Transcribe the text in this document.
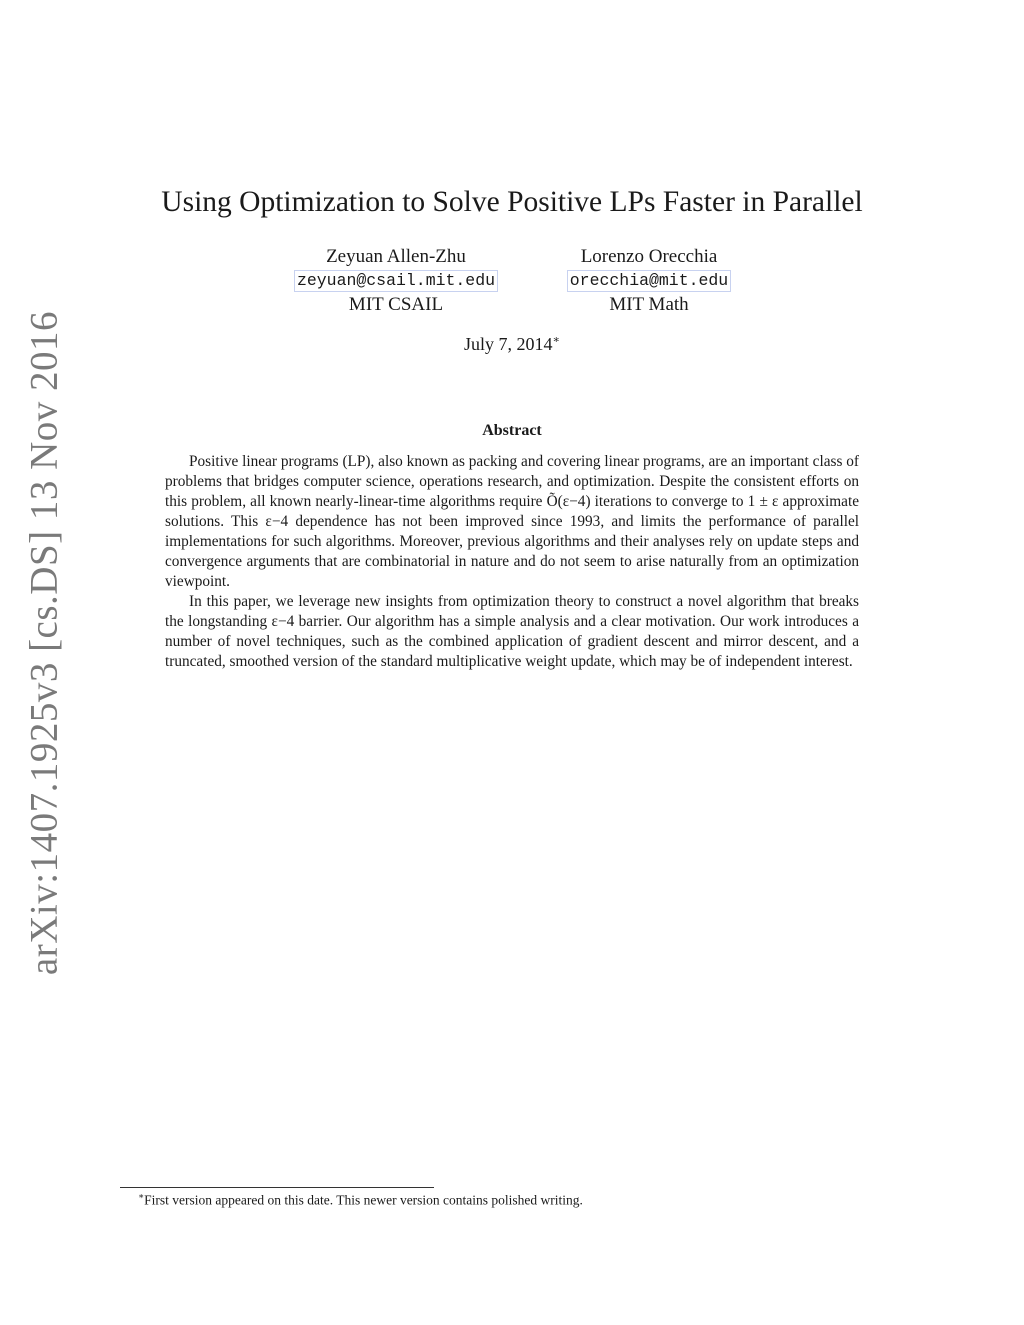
arXiv:1407.1925v3 [cs.DS] 13 Nov 2016
Using Optimization to Solve Positive LPs Faster in Parallel
Zeyuan Allen-Zhu
zeyuan@csail.mit.edu
MIT CSAIL
Lorenzo Orecchia
orecchia@mit.edu
MIT Math
July 7, 2014∗
Abstract

Positive linear programs (LP), also known as packing and covering linear programs, are an important class of problems that bridges computer science, operations research, and optimization. Despite the consistent efforts on this problem, all known nearly-linear-time algorithms require Õ(ε−4) iterations to converge to 1 ± ε approximate solutions. This ε−4 dependence has not been improved since 1993, and limits the performance of parallel implementations for such algorithms. Moreover, previous algorithms and their analyses rely on update steps and convergence arguments that are combinatorial in nature and do not seem to arise naturally from an optimization viewpoint.

In this paper, we leverage new insights from optimization theory to construct a novel algorithm that breaks the longstanding ε−4 barrier. Our algorithm has a simple analysis and a clear motivation. Our work introduces a number of novel techniques, such as the combined application of gradient descent and mirror descent, and a truncated, smoothed version of the standard multiplicative weight update, which may be of independent interest.

∗First version appeared on this date. This newer version contains polished writing.
